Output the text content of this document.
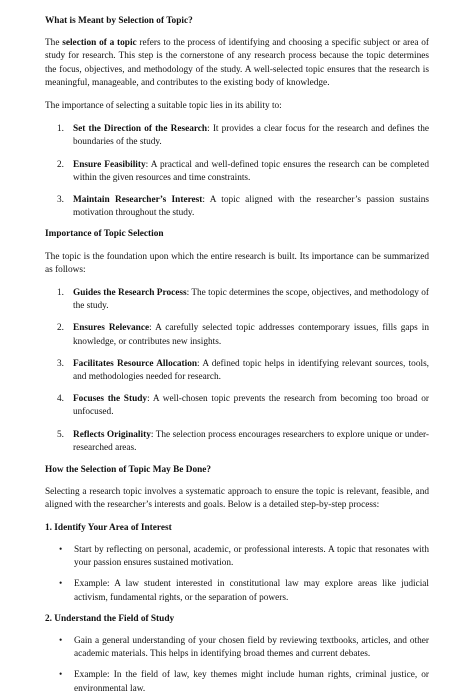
What is Meant by Selection of Topic?

The selection of a topic refers to the process of identifying and choosing a specific subject or area of study for research. This step is the cornerstone of any research process because the topic determines the focus, objectives, and methodology of the study. A well-selected topic ensures that the research is meaningful, manageable, and contributes to the existing body of knowledge.

The importance of selecting a suitable topic lies in its ability to:

1. Set the Direction of the Research: It provides a clear focus for the research and defines the boundaries of the study.
2. Ensure Feasibility: A practical and well-defined topic ensures the research can be completed within the given resources and time constraints.
3. Maintain Researcher’s Interest: A topic aligned with the researcher’s passion sustains motivation throughout the study.

Importance of Topic Selection

The topic is the foundation upon which the entire research is built. Its importance can be summarized as follows:

1. Guides the Research Process: The topic determines the scope, objectives, and methodology of the study.
2. Ensures Relevance: A carefully selected topic addresses contemporary issues, fills gaps in knowledge, or contributes new insights.
3. Facilitates Resource Allocation: A defined topic helps in identifying relevant sources, tools, and methodologies needed for research.
4. Focuses the Study: A well-chosen topic prevents the research from becoming too broad or unfocused.
5. Reflects Originality: The selection process encourages researchers to explore unique or under-researched areas.

How the Selection of Topic May Be Done?

Selecting a research topic involves a systematic approach to ensure the topic is relevant, feasible, and aligned with the researcher’s interests and goals. Below is a detailed step-by-step process:

1. Identify Your Area of Interest

• Start by reflecting on personal, academic, or professional interests. A topic that resonates with your passion ensures sustained motivation.
• Example: A law student interested in constitutional law may explore areas like judicial activism, fundamental rights, or the separation of powers.

2. Understand the Field of Study

• Gain a general understanding of your chosen field by reviewing textbooks, articles, and other academic materials. This helps in identifying broad themes and current debates.
• Example: In the field of law, key themes might include human rights, criminal justice, or environmental law.
